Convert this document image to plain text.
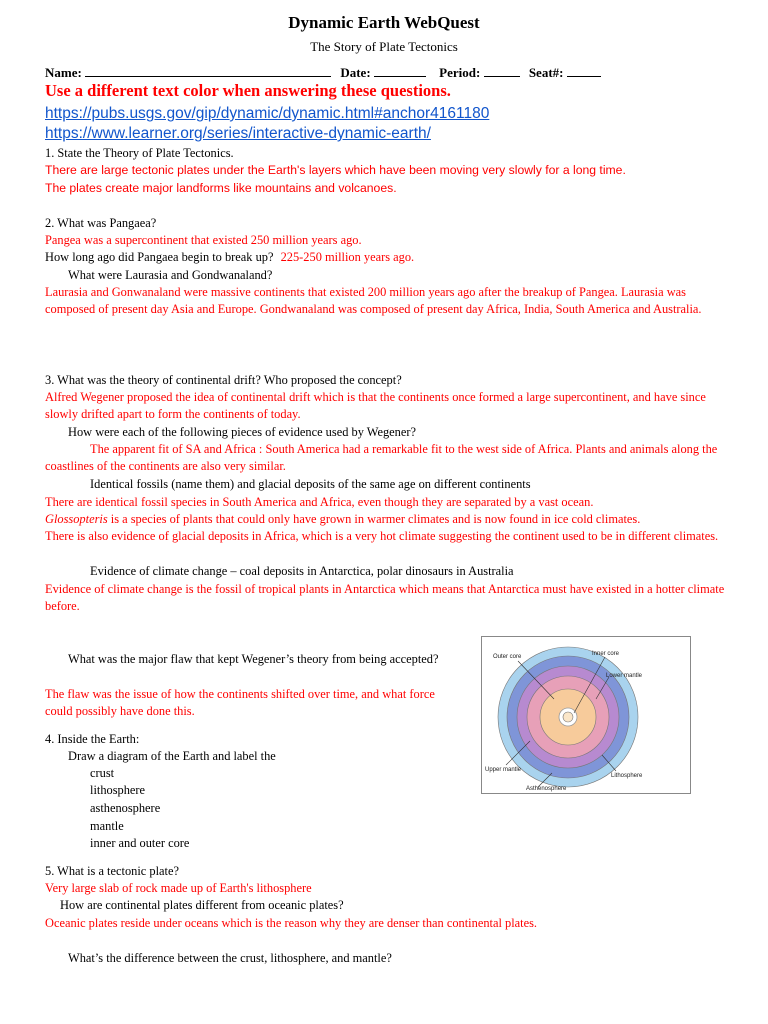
Dynamic Earth WebQuest
The Story of Plate Tectonics
Name:	Date:	Period:	Seat#:
Use a different text color when answering these questions.
https://pubs.usgs.gov/gip/dynamic/dynamic.html#anchor4161180
https://www.learner.org/series/interactive-dynamic-earth/
1. State the Theory of Plate Tectonics.
There are large tectonic plates under the Earth's layers which have been moving very slowly for a long time.
The plates create major landforms like mountains and volcanoes.
2. What was Pangaea?
Pangea was a supercontinent that existed 250 million years ago.
How long ago did Pangaea begin to break up? 225-250 million years ago.
What were Laurasia and Gondwanaland?
Laurasia and Gonwanaland were massive continents that existed 200 million years ago after the breakup of Pangea. Laurasia was composed of present day Asia and Europe. Gondwanaland was composed of present day Africa, India, South America and Australia.
3. What was the theory of continental drift? Who proposed the concept?
Alfred Wegener proposed the idea of continental drift which is that the continents once formed a large supercontinent, and have since slowly drifted apart to form the continents of today.
How were each of the following pieces of evidence used by Wegener?
The apparent fit of SA and Africa : South America had a remarkable fit to the west side of Africa. Plants and animals along the coastlines of the continents are also very similar.
Identical fossils (name them) and glacial deposits of the same age on different continents
There are identical fossil species in South America and Africa, even though they are separated by a vast ocean.
Glossopteris is a species of plants that could only have grown in warmer climates and is now found in ice cold climates.
There is also evidence of glacial deposits in Africa, which is a very hot climate suggesting the continent used to be in different climates.
Evidence of climate change – coal deposits in Antarctica, polar dinosaurs in Australia
Evidence of climate change is the fossil of tropical plants in Antarctica which means that Antarctica must have existed in a hotter climate before.
What was the major flaw that kept Wegener’s theory from being accepted?
The flaw was the issue of how the continents shifted over time, and what force could possibly have done this.
4. Inside the Earth:
Draw a diagram of the Earth and label the
crust
lithosphere
asthenosphere
mantle
inner and outer core
Outer core	Inner core
Lower mantle
Upper mantle
Lithosphere
Asthenosphere
5. What is a tectonic plate?
Very large slab of rock made up of Earth's lithosphere
How are continental plates different from oceanic plates?
Oceanic plates reside under oceans which is the reason why they are denser than continental plates.
What’s the difference between the crust, lithosphere, and mantle?
